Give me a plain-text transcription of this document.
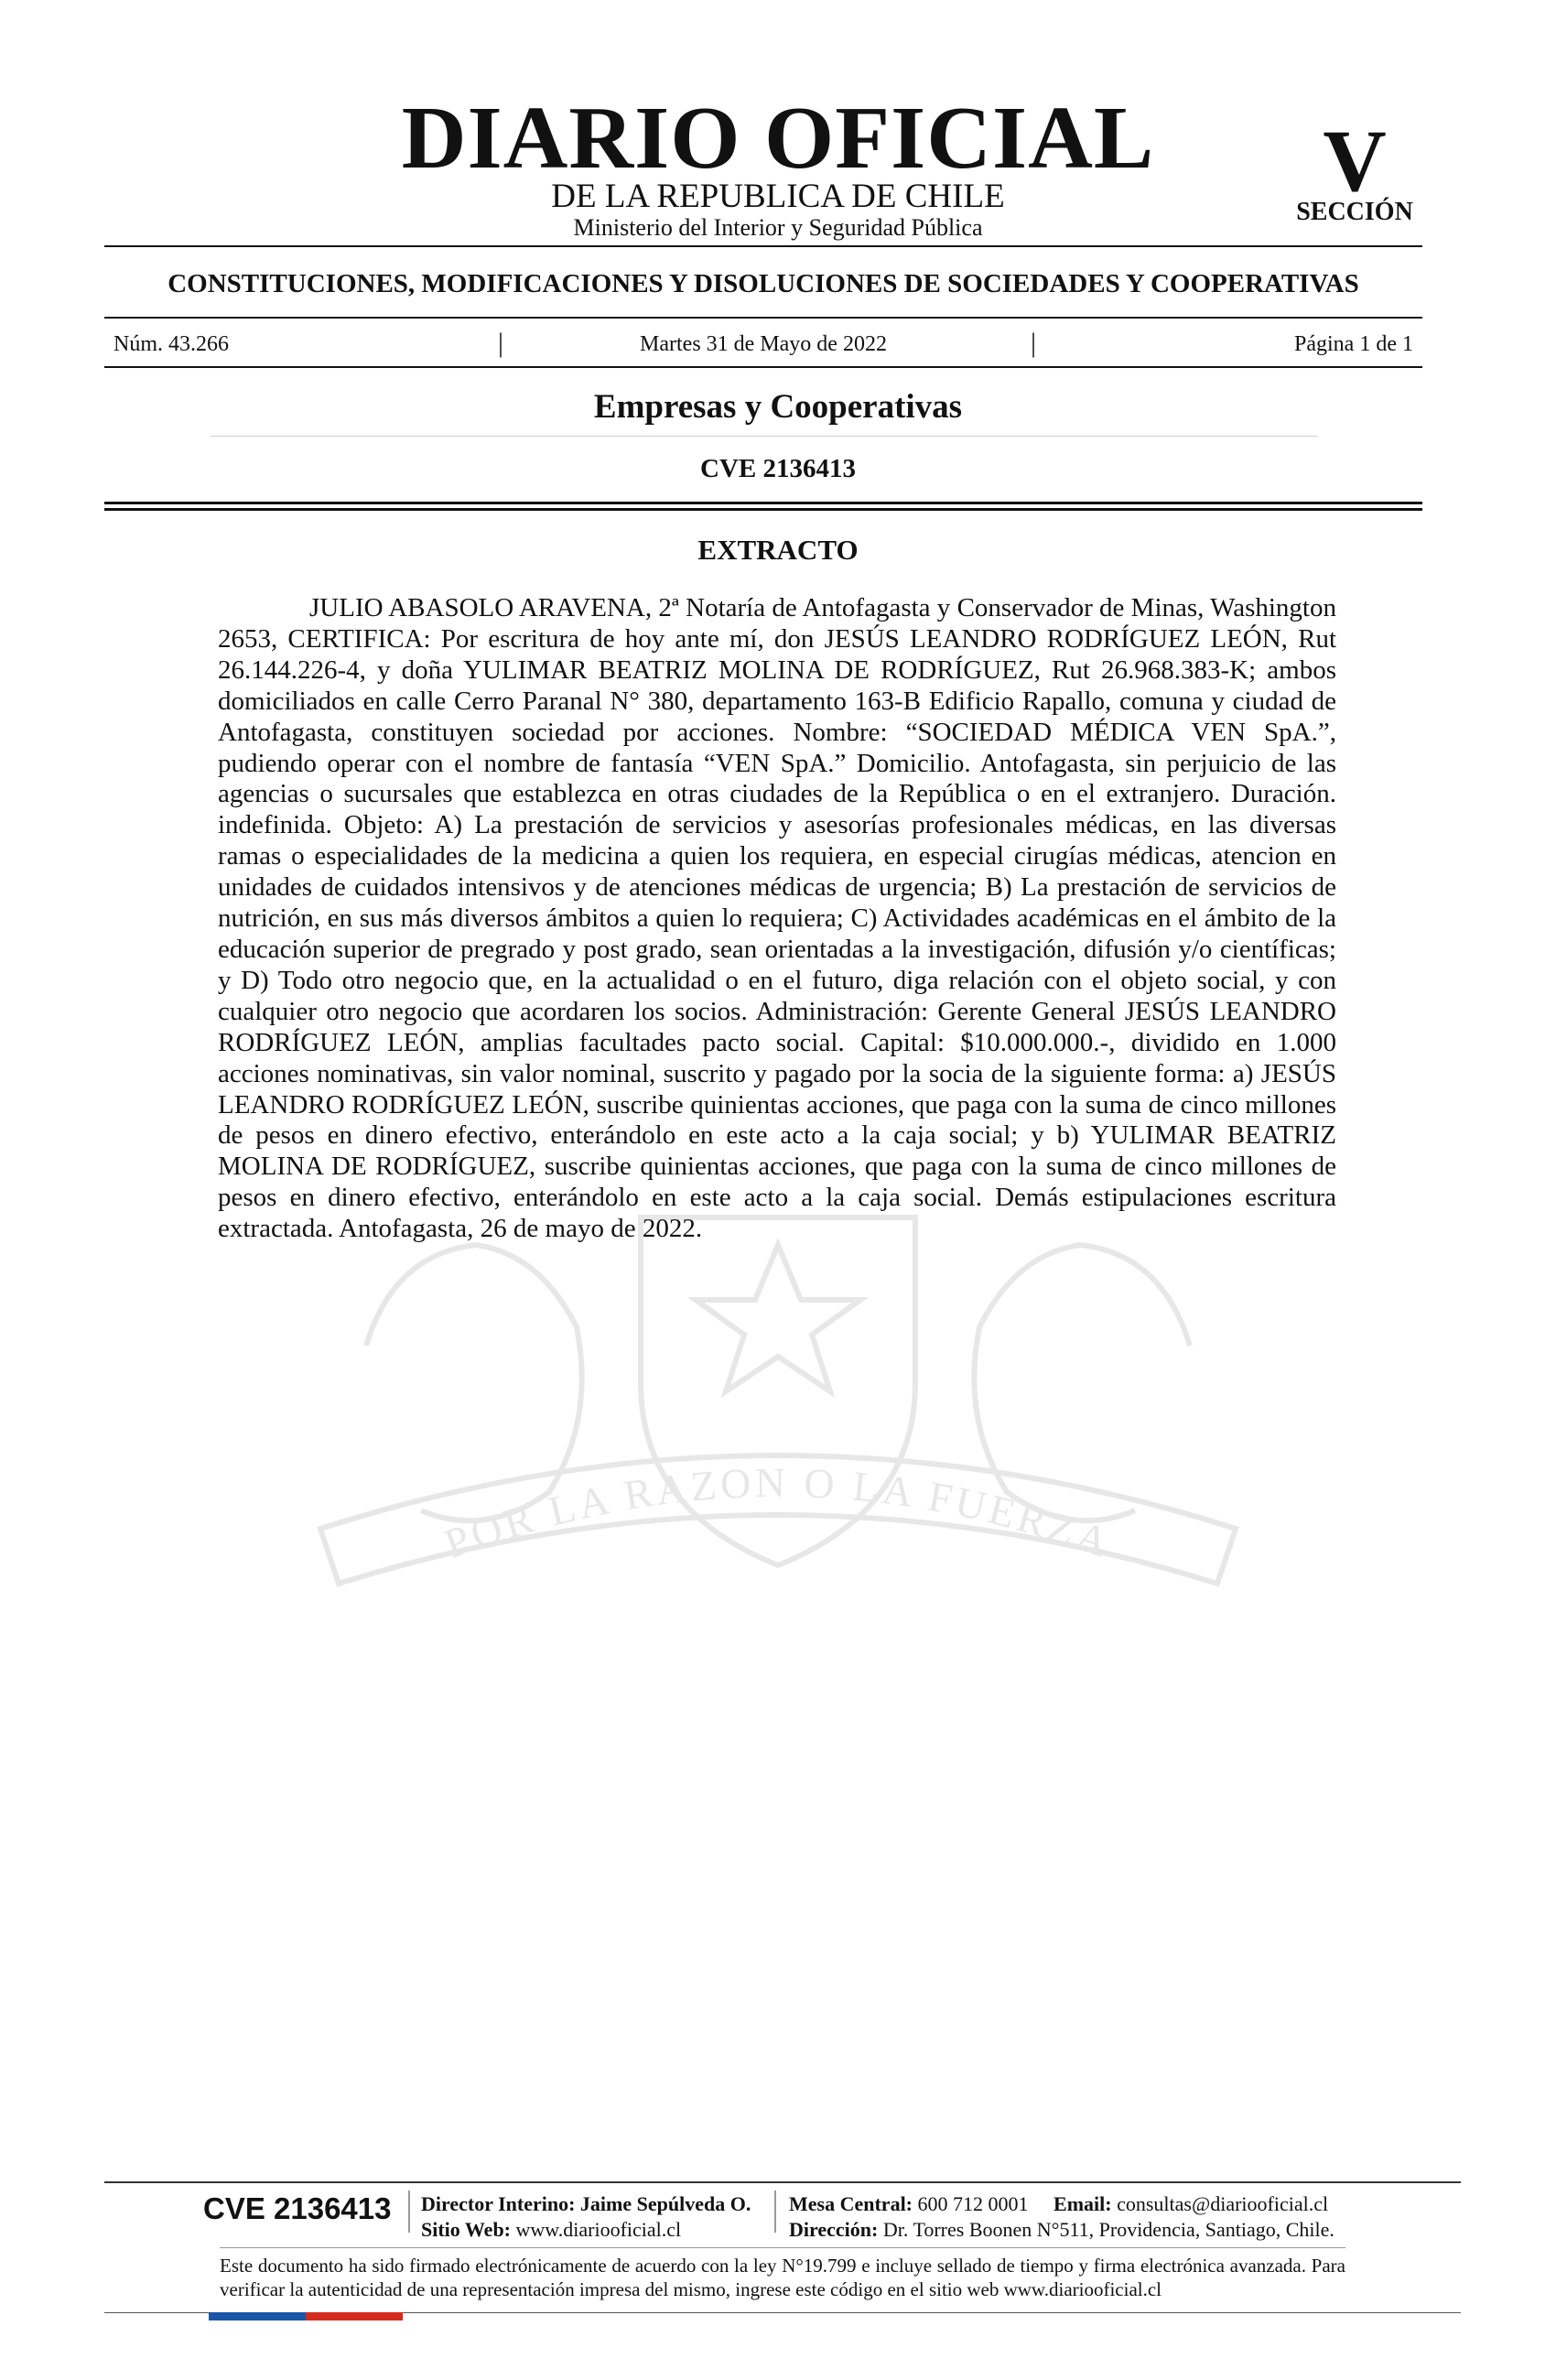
POR LA RAZON O LA FUERZA
DIARIO OFICIAL
DE LA REPUBLICA DE CHILE
Ministerio del Interior y Seguridad Pública
V
SECCIÓN
CONSTITUCIONES, MODIFICACIONES Y DISOLUCIONES DE SOCIEDADES Y COOPERATIVAS
Núm. 43.266	|	Martes 31 de Mayo de 2022	|	Página 1 de 1
Empresas y Cooperativas
CVE 2136413
EXTRACTO

JULIO ABASOLO ARAVENA, 2ª Notaría de Antofagasta y Conservador de Minas, Washington 2653, CERTIFICA: Por escritura de hoy ante mí, don JESÚS LEANDRO RODRÍGUEZ LEÓN, Rut 26.144.226-4, y doña YULIMAR BEATRIZ MOLINA DE RODRÍGUEZ, Rut 26.968.383-K; ambos domiciliados en calle Cerro Paranal N° 380, departamento 163-B Edificio Rapallo, comuna y ciudad de Antofagasta, constituyen sociedad por acciones. Nombre: “SOCIEDAD MÉDICA VEN SpA.”, pudiendo operar con el nombre de fantasía “VEN SpA.” Domicilio. Antofagasta, sin perjuicio de las agencias o sucursales que establezca en otras ciudades de la República o en el extranjero. Duración. indefinida. Objeto: A) La prestación de servicios y asesorías profesionales médicas, en las diversas ramas o especialidades de la medicina a quien los requiera, en especial cirugías médicas, atencion en unidades de cuidados intensivos y de atenciones médicas de urgencia; B) La prestación de servicios de nutrición, en sus más diversos ámbitos a quien lo requiera; C) Actividades académicas en el ámbito de la educación superior de pregrado y post grado, sean orientadas a la investigación, difusión y/o científicas; y D) Todo otro negocio que, en la actualidad o en el futuro, diga relación con el objeto social, y con cualquier otro negocio que acordaren los socios. Administración: Gerente General JESÚS LEANDRO RODRÍGUEZ LEÓN, amplias facultades pacto social. Capital: $10.000.000.-, dividido en 1.000 acciones nominativas, sin valor nominal, suscrito y pagado por la socia de la siguiente forma: a) JESÚS LEANDRO RODRÍGUEZ LEÓN, suscribe quinientas acciones, que paga con la suma de cinco millones de pesos en dinero efectivo, enterándolo en este acto a la caja social; y b) YULIMAR BEATRIZ MOLINA DE RODRÍGUEZ, suscribe quinientas acciones, que paga con la suma de cinco millones de pesos en dinero efectivo, enterándolo en este acto a la caja social. Demás estipulaciones escritura extractada. Antofagasta, 26 de mayo de 2022.

CVE 2136413	Director Interino: Jaime Sepúlveda O.
Sitio Web: www.diariooficial.cl
Mesa Central: 600 712 0001 Email: consultas@diariooficial.cl
Dirección: Dr. Torres Boonen N°511, Providencia, Santiago, Chile.

Este documento ha sido firmado electrónicamente de acuerdo con la ley N°19.799 e incluye sellado de tiempo y firma electrónica avanzada. Para verificar la autenticidad de una representación impresa del mismo, ingrese este código en el sitio web www.diariooficial.cl
